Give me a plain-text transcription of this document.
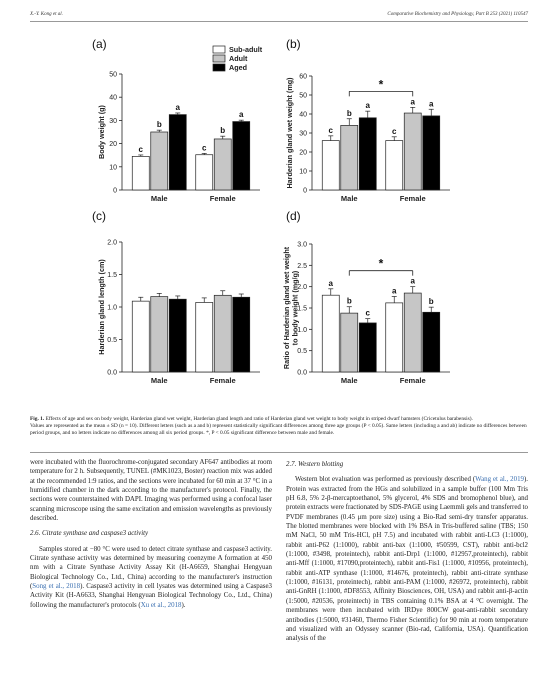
X.-Y. Kong et al.	Comparative Biochemistry and Physiology, Part B 253 (2021) 110547
Sub-adult
Adult
Aged
(a)
0
10
20
30
40
50
Body weight (g)	c
b
a
Male
c
b
a
Female
(b)
0
10
20
30
40
50
60
Harderian gland wet weight (mg)	c
b
a
Male
c
a a
Female
*
(c)
0.0
0.5
1.0
1.5
2.0
Harderian gland length (cm)
Male	Female
(d)
0.0
0.5
1.0
1.5
2.0
2.5
3.0
Ratio of Harderian gland wet weightto body weight (mg/g)	a
b
c
Male
a
a
b
Female
*
Fig. 1. Effects of age and sex on body weight, Harderian gland wet weight, Harderian gland length and ratio of Harderian gland wet weight to body weight in striped dwarf hamsters (Cricetulus barabensis).
Values are represented as the mean ± SD (n = 10). Different letters (such as a and b) represent statistically significant differences among three age groups (P < 0.05). Same letters (including a and ab) indicate no differences between period groups, and no letters indicate no differences among all six period groups. *, P < 0.05 significant difference between male and female.

were incubated with the fluorochrome-conjugated secondary AF647 antibodies at room temperature for 2 h. Subsequently, TUNEL (#MK1023, Boster) reaction mix was added at the recommended 1:9 ratios, and the sections were incubated for 60 min at 37 °C in a humidified chamber in the dark according to the manufacturer's protocol. Finally, the sections were counterstained with DAPI. Imaging was performed using a confocal laser scanning microscope using the same excitation and emission wavelengths as previously described.

2.6. Citrate synthase and caspase3 activity

Samples stored at −80 °C were used to detect citrate synthase and caspase3 activity. Citrate synthase activity was determined by measuring coenzyme A formation at 450 nm with a Citrate Synthase Activity Assay Kit (H-A6659, Shanghai Hengyuan Biological Technology Co., Ltd., China) according to the manufacturer's instruction (Song et al., 2018). Caspase3 activity in cell lysates was determined using a Caspase3 Activity Kit (H-A6633, Shanghai Hengyuan Biological Technology Co., Ltd., China) following the manufacturer's protocols (Xu et al., 2018).

2.7. Western blotting

Western blot evaluation was performed as previously described (Wang et al., 2019). Protein was extracted from the HGs and solubilized in a sample buffer (100 Mm Tris pH 6.8, 5% 2-β-mercaptoethanol, 5% glycerol, 4% SDS and bromophenol blue), and protein extracts were fractionated by SDS-PAGE using Laemmli gels and transferred to PVDF membranes (0.45 μm pore size) using a Bio-Rad semi-dry transfer apparatus. The blotted membranes were blocked with 1% BSA in Tris-buffered saline (TBS; 150 mM NaCl, 50 mM Tris-HCl, pH 7.5) and incubated with rabbit anti-LC3 (1:1000), rabbit anti-P62 (1:1000), rabbit anti-bax (1:1000, #50599, CST), rabbit anti-bcl2 (1:1000, #3498, proteintech), rabbit anti-Drp1 (1:1000, #12957,proteintech), rabbit anti-Mff (1:1000, #17090,proteintech), rabbit anti-Fis1 (1:1000, #10956, proteintech), rabbit anti-ATP synthase (1:1000, #14676, proteintech), rabbit anti-citrate synthase (1:1000, #16131, proteintech), rabbit anti-PAM (1:1000, #26972, proteintech), rabbit anti-GnRH (1:1000, #DF8553, Affinity Biosciences, OH, USA) and rabbit anti-β-actin (1:5000, #20536, proteintech) in TBS containing 0.1% BSA at 4 °C overnight. The membranes were then incubated with IRDye 800CW goat-anti-rabbit secondary antibodies (1:5000, #31460, Thermo Fisher Scientific) for 90 min at room temperature and visualized with an Odyssey scanner (Bio-rad, California, USA). Quantification analysis of the
